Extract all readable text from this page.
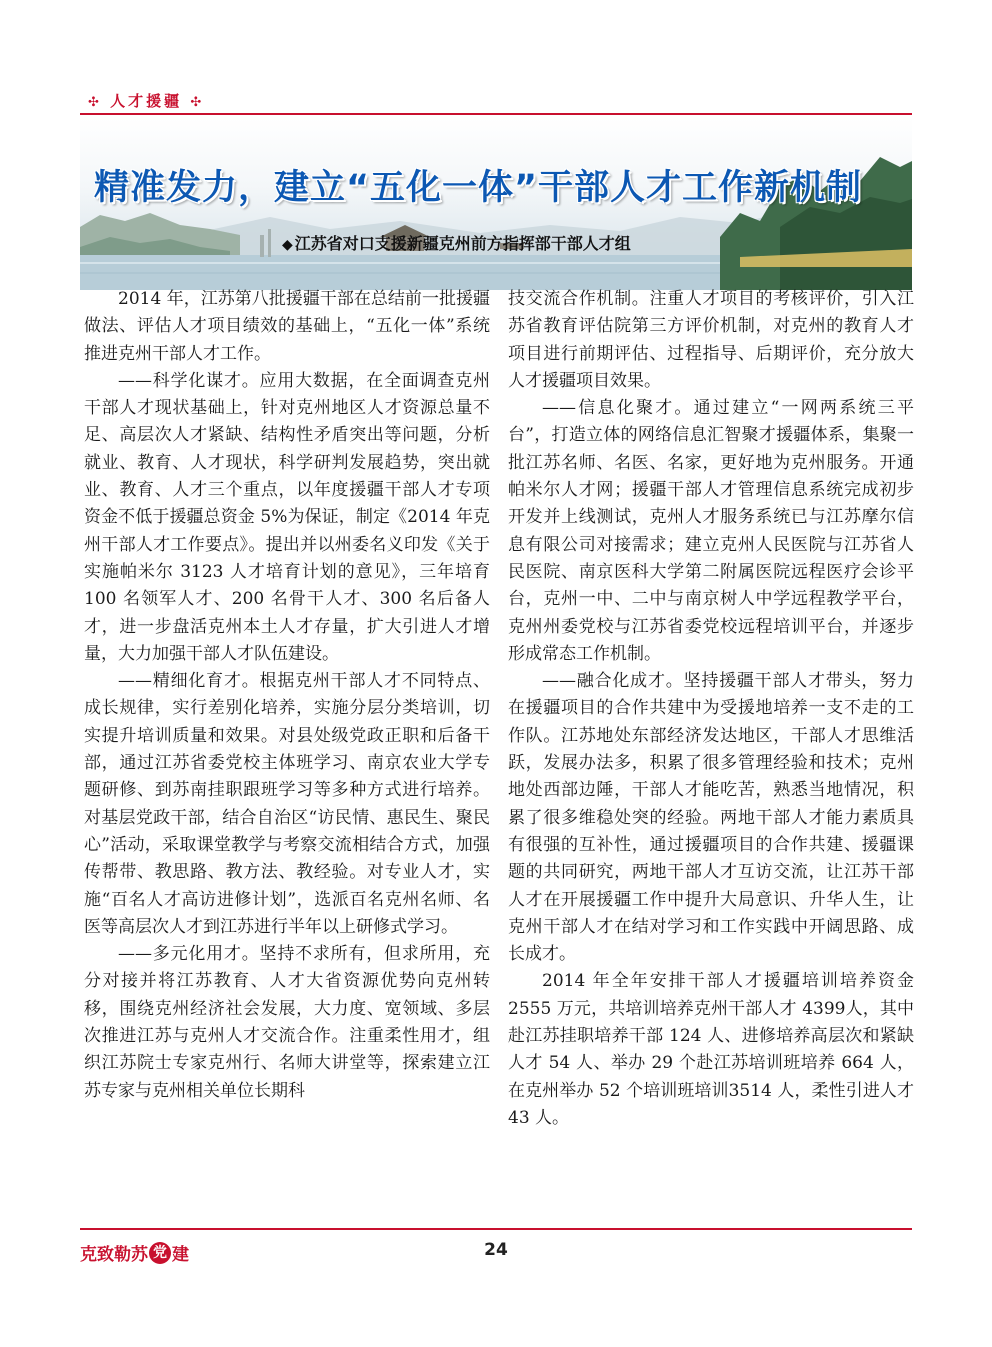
✣ 人才援疆 ✣
精准发力，建立“五化一体”干部人才工作新机制
◆ 江苏省对口支援新疆克州前方指挥部干部人才组

2014 年，江苏第八批援疆干部在总结前一批援疆做法、评估人才项目绩效的基础上，“五化一体”系统推进克州干部人才工作。

——科学化谋才。应用大数据，在全面调查克州干部人才现状基础上，针对克州地区人才资源总量不足、高层次人才紧缺、结构性矛盾突出等问题，分析就业、教育、人才现状，科学研判发展趋势，突出就业、教育、人才三个重点，以年度援疆干部人才专项资金不低于援疆总资金 5%为保证，制定《2014 年克州干部人才工作要点》。提出并以州委名义印发《关于实施帕米尔 3123 人才培育计划的意见》，三年培育 100 名领军人才、200 名骨干人才、300 名后备人才，进一步盘活克州本土人才存量，扩大引进人才增量，大力加强干部人才队伍建设。

——精细化育才。根据克州干部人才不同特点、成长规律，实行差别化培养，实施分层分类培训，切实提升培训质量和效果。对县处级党政正职和后备干部，通过江苏省委党校主体班学习、南京农业大学专题研修、到苏南挂职跟班学习等多种方式进行培养。对基层党政干部，结合自治区“访民情、惠民生、聚民心”活动，采取课堂教学与考察交流相结合方式，加强传帮带、教思路、教方法、教经验。对专业人才，实施“百名人才高访进修计划”，选派百名克州名师、名医等高层次人才到江苏进行半年以上研修式学习。

——多元化用才。坚持不求所有，但求所用，充分对接并将江苏教育、人才大省资源优势向克州转移，围绕克州经济社会发展，大力度、宽领域、多层次推进江苏与克州人才交流合作。注重柔性用才，组织江苏院士专家克州行、名师大讲堂等，探索建立江苏专家与克州相关单位长期科

技交流合作机制。注重人才项目的考核评价，引入江苏省教育评估院第三方评价机制，对克州的教育人才项目进行前期评估、过程指导、后期评价，充分放大人才援疆项目效果。

——信息化聚才。通过建立“一网两系统三平台”，打造立体的网络信息汇智聚才援疆体系，集聚一批江苏名师、名医、名家，更好地为克州服务。开通帕米尔人才网；援疆干部人才管理信息系统完成初步开发并上线测试，克州人才服务系统已与江苏摩尔信息有限公司对接需求；建立克州人民医院与江苏省人民医院、南京医科大学第二附属医院远程医疗会诊平台，克州一中、二中与南京树人中学远程教学平台，克州州委党校与江苏省委党校远程培训平台，并逐步形成常态工作机制。

——融合化成才。坚持援疆干部人才带头，努力在援疆项目的合作共建中为受援地培养一支不走的工作队。江苏地处东部经济发达地区，干部人才思维活跃，发展办法多，积累了很多管理经验和技术；克州地处西部边陲，干部人才能吃苦，熟悉当地情况，积累了很多维稳处突的经验。两地干部人才能力素质具有很强的互补性，通过援疆项目的合作共建、援疆课题的共同研究，两地干部人才互访交流，让江苏干部人才在开展援疆工作中提升大局意识、升华人生，让克州干部人才在结对学习和工作实践中开阔思路、成长成才。

2014 年全年安排干部人才援疆培训培养资金 2555 万元，共培训培养克州干部人才 4399人，其中赴江苏挂职培养干部 124 人、进修培养高层次和紧缺人才 54 人、举办 29 个赴江苏培训班培养 664 人，在克州举办 52 个培训班培训3514 人，柔性引进人才 43 人。

克致勒苏 党 建	24
